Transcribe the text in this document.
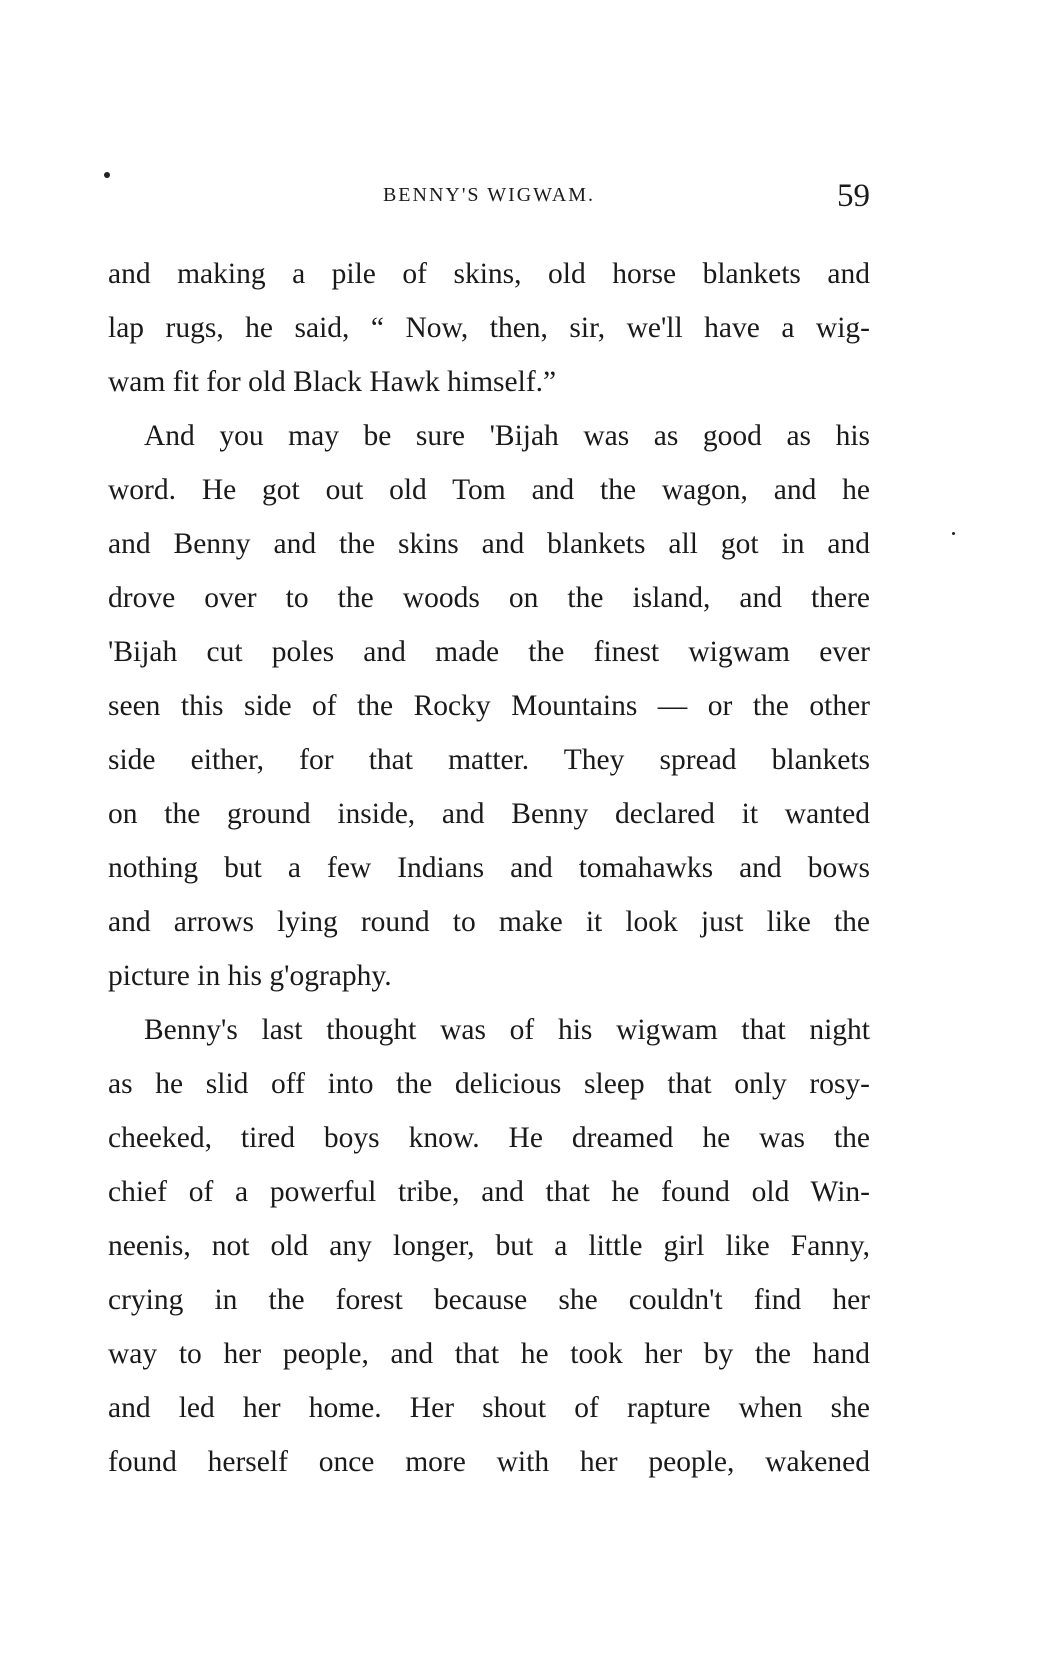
BENNY'S WIGWAM.	59
and making a pile of skins, old horse blankets and
lap rugs, he said, “ Now, then, sir, we'll have a wig-
wam fit for old Black Hawk himself.”
And you may be sure 'Bijah was as good as his
word. He got out old Tom and the wagon, and he
and Benny and the skins and blankets all got in and
drove over to the woods on the island, and there
'Bijah cut poles and made the finest wigwam ever
seen this side of the Rocky Mountains — or the other
side either, for that matter. They spread blankets
on the ground inside, and Benny declared it wanted
nothing but a few Indians and tomahawks and bows
and arrows lying round to make it look just like the
picture in his g'ography.
Benny's last thought was of his wigwam that night
as he slid off into the delicious sleep that only rosy-
cheeked, tired boys know. He dreamed he was the
chief of a powerful tribe, and that he found old Win-
neenis, not old any longer, but a little girl like Fanny,
crying in the forest because she couldn't find her
way to her people, and that he took her by the hand
and led her home. Her shout of rapture when she
found herself once more with her people, wakened
